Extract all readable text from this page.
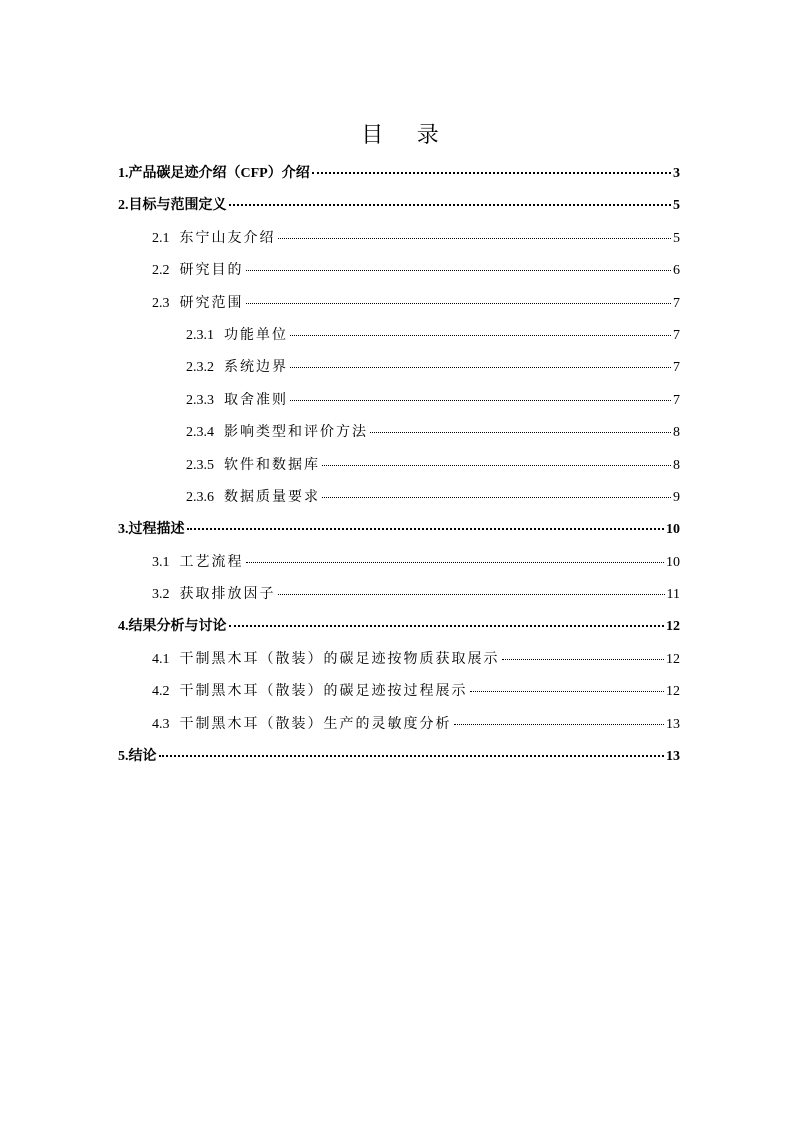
目 录
1. 产品碳足迹介绍（CFP）介绍	3
2. 目标与范围定义	5
2.1 东宁山友介绍	5
2.2 研究目的	6
2.3 研究范围	7
2.3.1 功能单位	7
2.3.2 系统边界	7
2.3.3 取舍准则	7
2.3.4 影响类型和评价方法	8
2.3.5 软件和数据库	8
2.3.6 数据质量要求	9
3. 过程描述	10
3.1 工艺流程	10
3.2 获取排放因子	11
4. 结果分析与讨论	12
4.1 干制黑木耳（散装）的碳足迹按物质获取展示	12
4.2 干制黑木耳（散装）的碳足迹按过程展示	12
4.3 干制黑木耳（散装）生产的灵敏度分析	13
5. 结论	13
